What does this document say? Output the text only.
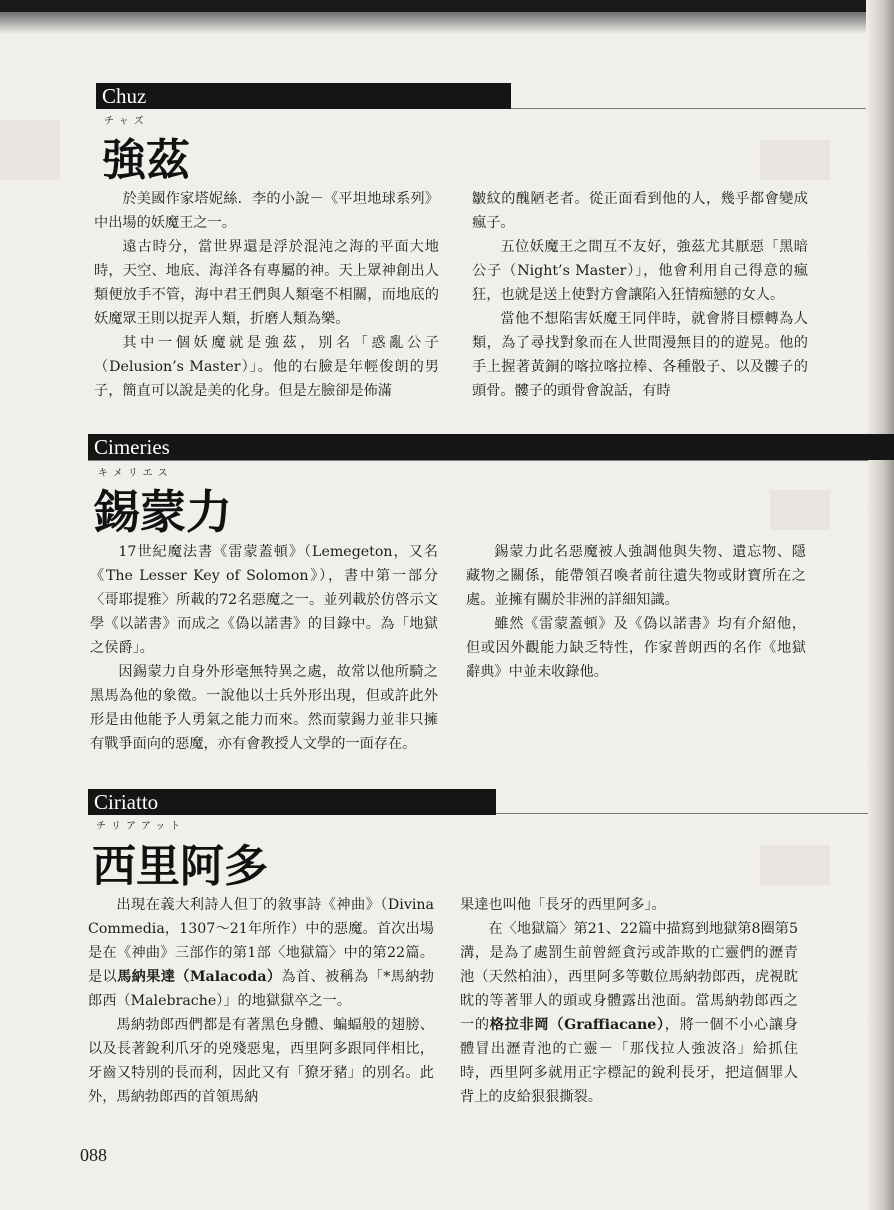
Chuz
チャズ
強茲

於美國作家塔妮絲．李的小說－《平坦地球系列》中出場的妖魔王之一。

遠古時分，當世界還是浮於混沌之海的平面大地時，天空、地底、海洋各有專屬的神。天上眾神創出人類便放手不管，海中君王們與人類毫不相關，而地底的妖魔眾王則以捉弄人類，折磨人類為樂。

其中一個妖魔就是強茲，別名「惑亂公子（Delusion’s Master）」。他的右臉是年輕俊朗的男子，簡直可以說是美的化身。但是左臉卻是佈滿

皺紋的醜陋老者。從正面看到他的人，幾乎都會變成瘋子。

五位妖魔王之間互不友好，強茲尤其厭惡「黑暗公子（Night’s Master）」，他會利用自己得意的瘋狂，也就是送上使對方會讓陷入狂情痴戀的女人。

當他不想陷害妖魔王同伴時，就會將目標轉為人類，為了尋找對象而在人世間漫無目的的遊晃。他的手上握著黃銅的喀拉喀拉棒、各種骰子、以及髏子的頭骨。髏子的頭骨會說話，有時

Cimeries
キメリエス
錫蒙力

17世紀魔法書《雷蒙蓋頓》（Lemegeton，又名《The Lesser Key of Solomon》），書中第一部分〈哥耶提雅〉所載的72名惡魔之一。並列載於仿啓示文學《以諾書》而成之《偽以諾書》的目錄中。為「地獄之侯爵」。

因錫蒙力自身外形毫無特異之處，故常以他所騎之黑馬為他的象徵。一說他以士兵外形出現，但或許此外形是由他能予人勇氣之能力而來。然而蒙錫力並非只擁有戰爭面向的惡魔，亦有會教授人文學的一面存在。

錫蒙力此名惡魔被人強調他與失物、遺忘物、隱藏物之關係，能帶領召喚者前往遺失物或財寶所在之處。並擁有關於非洲的詳細知識。

雖然《雷蒙蓋頓》及《偽以諾書》均有介紹他，但或因外觀能力缺乏特性，作家普朗西的名作《地獄辭典》中並未收錄他。

Ciriatto
チリアアット
西里阿多

出現在義大利詩人但丁的敘事詩《神曲》（Divina Commedia，1307～21年所作）中的惡魔。首次出場是在《神曲》三部作的第1部〈地獄篇〉中的第22篇。是以馬納果達（Malacoda）為首、被稱為「*馬納勃郎西（Malebrache）」的地獄獄卒之一。

馬納勃郎西們都是有著黑色身體、蝙蝠般的翅膀、以及長著銳利爪牙的兇殘惡鬼，西里阿多跟同伴相比，牙齒又特別的長而利，因此又有「獠牙豬」的別名。此外，馬納勃郎西的首領馬納

果達也叫他「長牙的西里阿多」。

在〈地獄篇〉第21、22篇中描寫到地獄第8圈第5溝，是為了處罰生前曾經貪污或詐欺的亡靈們的瀝青池（天然柏油），西里阿多等數位馬納勃郎西，虎視眈眈的等著罪人的頭或身體露出池面。當馬納勃郎西之一的格拉非岡（Graffiacane），將一個不小心讓身體冒出瀝青池的亡靈－「那伐拉人強波洛」給抓住時，西里阿多就用正字標記的銳利長牙，把這個罪人背上的皮給狠狠撕裂。

088
